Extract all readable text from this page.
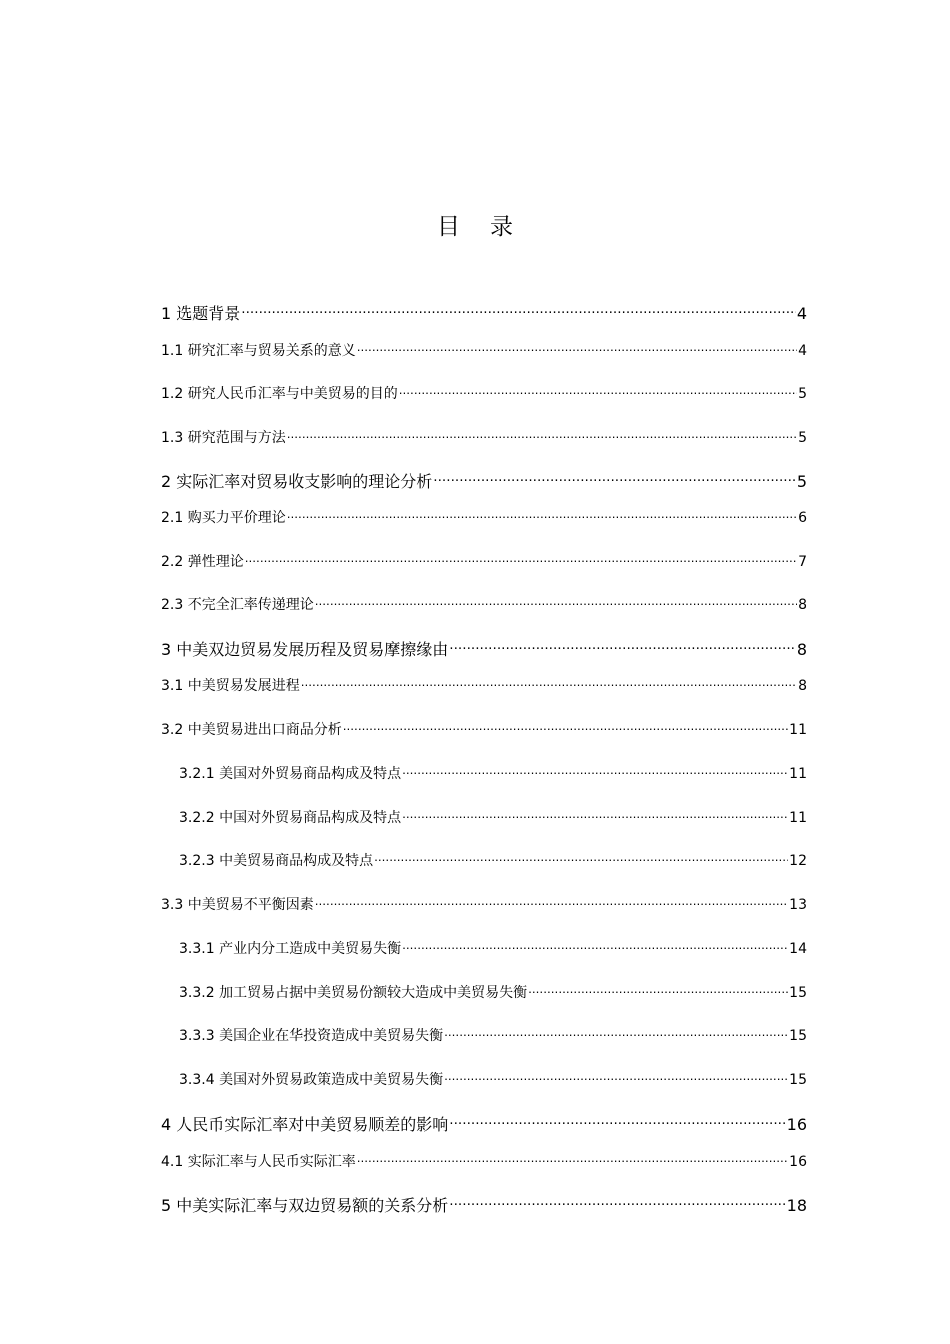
目录
1 选题背景 .....	4
1.1 研究汇率与贸易关系的意义 .....	4
1.2 研究人民币汇率与中美贸易的目的 .....	5
1.3 研究范围与方法 .....	5
2 实际汇率对贸易收支影响的理论分析 .....	5
2.1 购买力平价理论 .....	6
2.2 弹性理论 .....	7
2.3 不完全汇率传递理论 .....	8
3 中美双边贸易发展历程及贸易摩擦缘由 .....	8
3.1 中美贸易发展进程 .....	8
3.2 中美贸易进出口商品分析 .....	11
3.2.1 美国对外贸易商品构成及特点 .....	11
3.2.2 中国对外贸易商品构成及特点 .....	11
3.2.3 中美贸易商品构成及特点 .....	12
3.3 中美贸易不平衡因素 .....	13
3.3.1 产业内分工造成中美贸易失衡 .....	14
3.3.2 加工贸易占据中美贸易份额较大造成中美贸易失衡 .....	15
3.3.3 美国企业在华投资造成中美贸易失衡 .....	15
3.3.4 美国对外贸易政策造成中美贸易失衡 .....	15
4 人民币实际汇率对中美贸易顺差的影响 .....	16
4.1 实际汇率与人民币实际汇率 .....	16
5 中美实际汇率与双边贸易额的关系分析 .....	18
